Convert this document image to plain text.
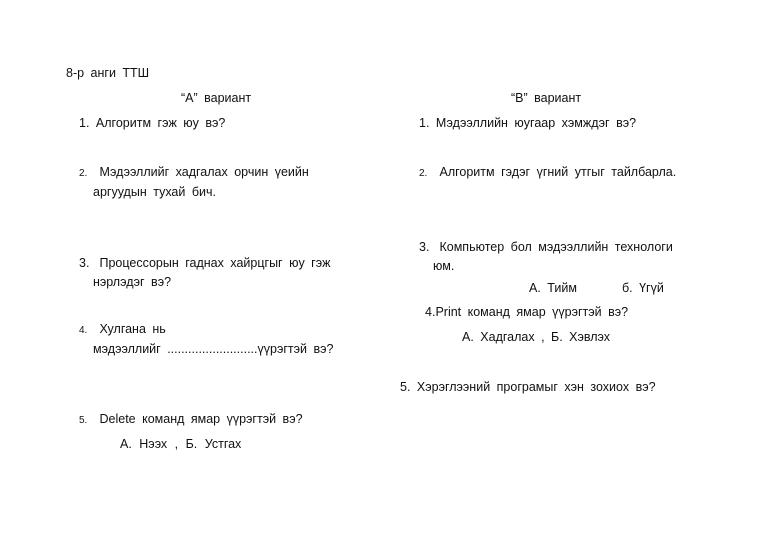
8-р анги ТТШ
“А” вариант
1. Алгоритм гэж юу вэ?
2. Мэдээллийг хадгалах орчин үеийн
аргуудын тухай бич.
3. Процессорын гаднах хайрцгыг юу гэж
нэрлэдэг вэ?
4. Хулгана нь
мэдээллийг ..........................үүрэгтэй вэ?
5. Delete команд ямар үүрэгтэй вэ?
А. Нээх , Б. Устгах
“В” вариант
1. Мэдээллийн юугаар хэмждэг вэ?
2. Алгоритм гэдэг үгний утгыг тайлбарла.
3. Компьютер бол мэдээллийн технологи
юм.
А. Тийм	б. Үгүй
4.Print команд ямар үүрэгтэй вэ?
А. Хадгалах , Б. Хэвлэх
5. Хэрэглээний програмыг хэн зохиох вэ?
